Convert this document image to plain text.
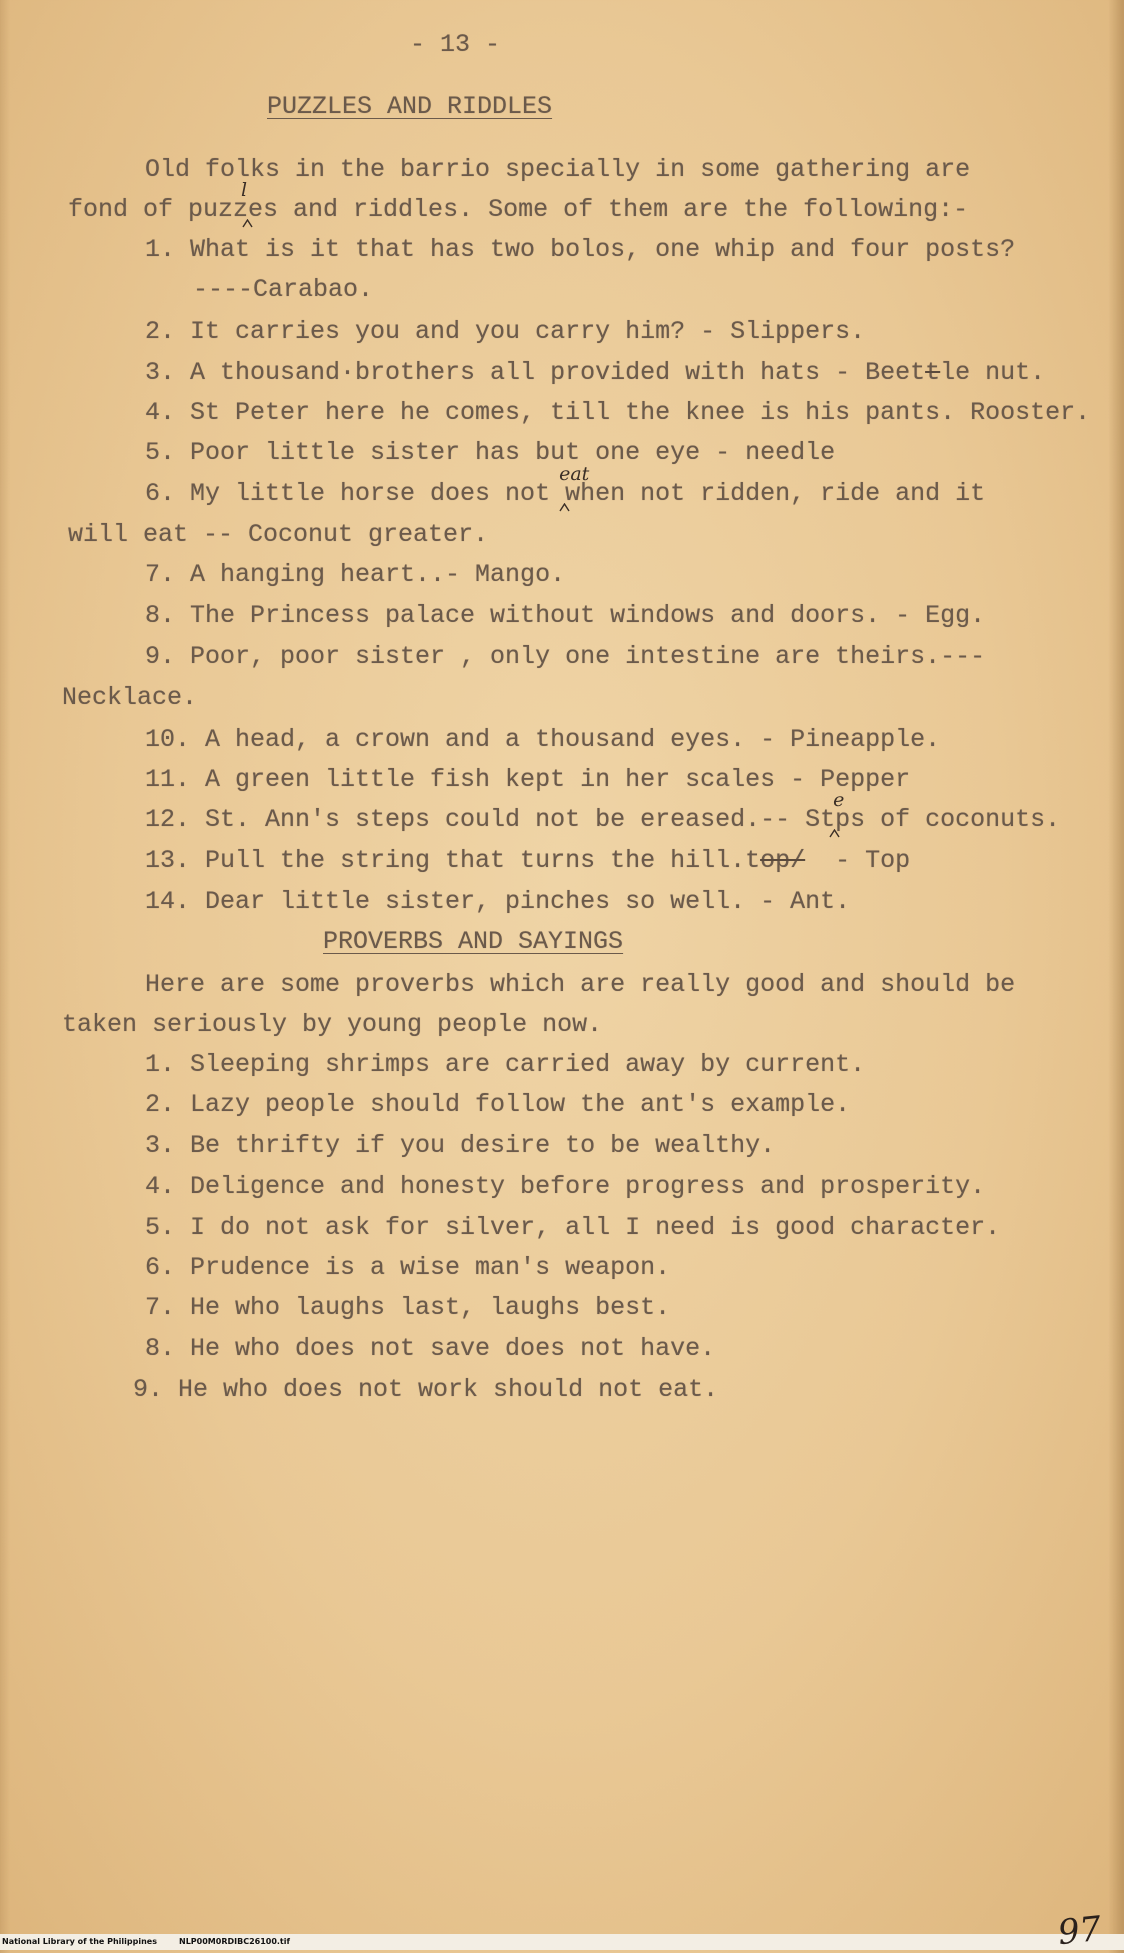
- 13 -
PUZZLES AND RIDDLES
Old folks in the barrio specially in some gathering are
fond of puzz
l
es and riddles. Some of them are the following:-
1. What is it that has two bolos, one whip and four posts?
----Carabao.
2. It carries you and you carry him? - Slippers.
3. A thousand·brothers all provided with hats - Beettle nut.
4. St Peter here he comes, till the knee is his pants. Rooster.
5. Poor little sister has but one eye - needle
6. My little horse does not
eat
when not ridden, ride and it
will eat -- Coconut greater.
7. A hanging heart..- Mango.
8. The Princess palace without windows and doors. - Egg.
9. Poor, poor sister , only one intestine are theirs.---
Necklace.
10. A head, a crown and a thousand eyes. - Pineapple.
11. A green little fish kept in her scales - Pepper
12. St. Ann's steps could not be ereased.-- St
e
ps of coconuts.
13. Pull the string that turns the hill.top/  - Top
14. Dear little sister, pinches so well. - Ant.
PROVERBS AND SAYINGS
Here are some proverbs which are really good and should be
taken seriously by young people now.
1. Sleeping shrimps are carried away by current.
2. Lazy people should follow the ant's example.
3. Be thrifty if you desire to be wealthy.
4. Deligence and honesty before progress and prosperity.
5. I do not ask for silver, all I need is good character.
6. Prudence is a wise man's weapon.
7. He who laughs last, laughs best.
8. He who does not save does not have.
9. He who does not work should not eat.
National Library of the Philippines	NLP00M0RDIBC26100.tif	97
